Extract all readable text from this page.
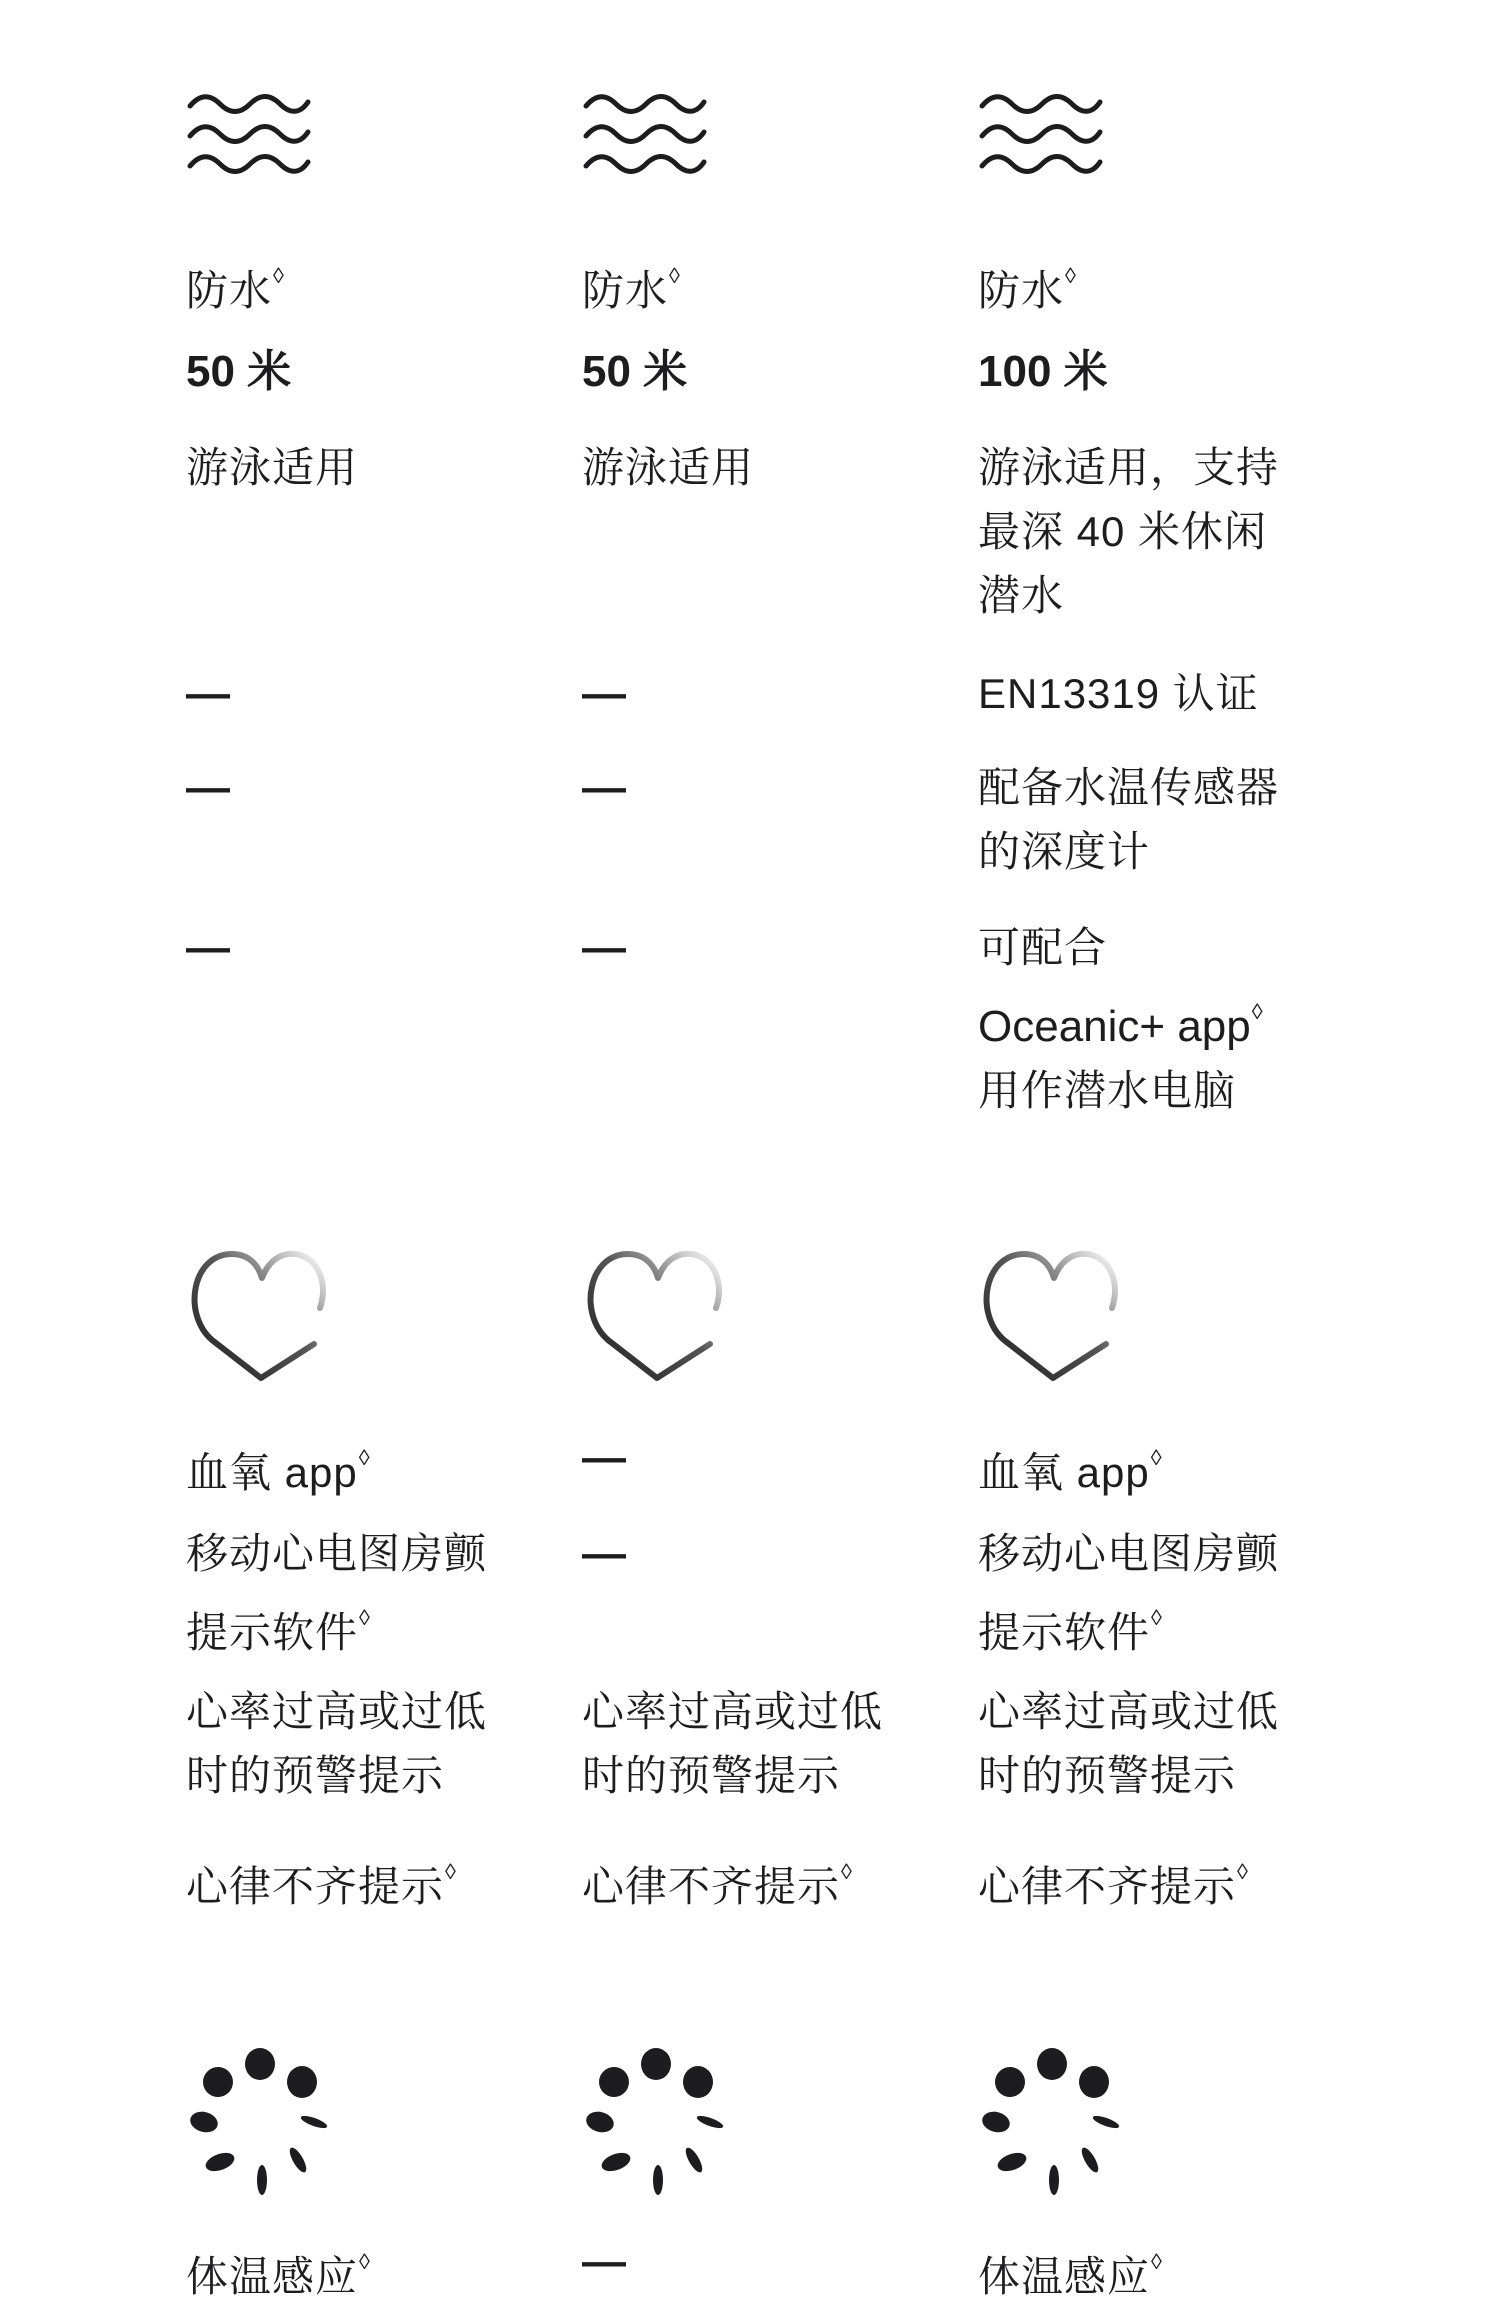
防水◊
50 米
游泳适用
—
—
—
防水◊
50 米
游泳适用
—
—
—
防水◊
100 米
游泳适用，支持最深 40 米休闲潜水
EN13319 认证
配备水温传感器的深度计
可配合
Oceanic+ app◊
用作潜水电脑
血氧 app◊
移动心电图房颤提示软件◊
心率过高或过低时的预警提示
心律不齐提示◊
—
—
心率过高或过低时的预警提示
心律不齐提示◊
血氧 app◊
移动心电图房颤提示软件◊
心率过高或过低时的预警提示
心律不齐提示◊
体温感应◊	—	体温感应◊
